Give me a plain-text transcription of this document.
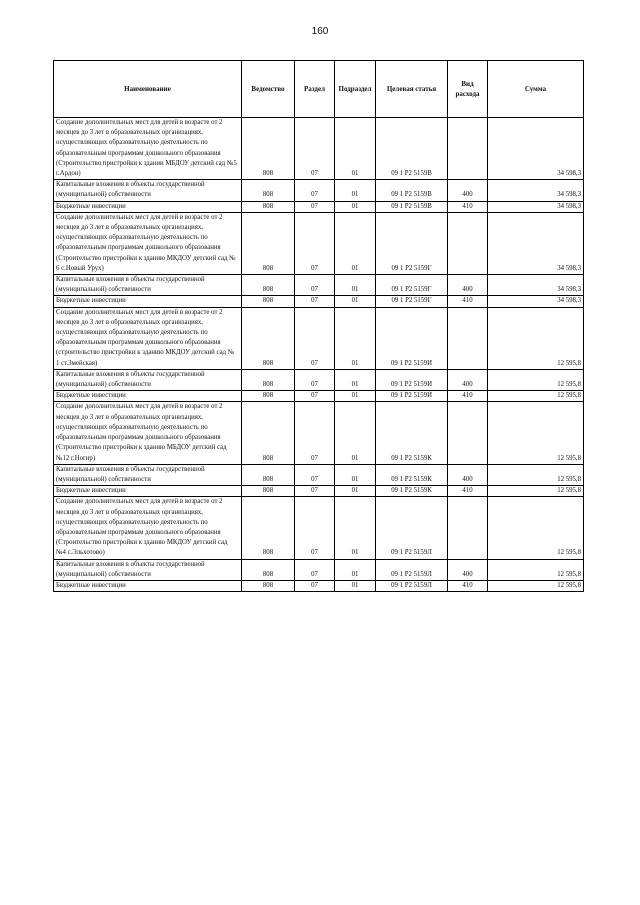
160
Наименование	Ведомство	Раздел	Подраздел	Целевая статья	Вид расхода	Сумма
Создание дополнительных мест для детей в возрасте от 2 месяцев до 3 лет в образовательных организациях, осуществляющих образовательную деятельность по образовательным программам дошкольного образования (Строительство пристройки к здании МБДОУ детский сад №5 г.Ардон)	808	07	01	09 1 Р2 5159В		34 598,3
Капитальные вложения в объекты государственной (муниципальной) собственности	808	07	01	09 1 Р2 5159В	400	34 598,3
Бюджетные инвестиции	808	07	01	09 1 Р2 5159В	410	34 598,3
Создание дополнительных мест для детей в возрасте от 2 месяцев до 3 лет в образовательных организациях, осуществляющих образовательную деятельность по образовательным программам дошкольного образования (Строительство пристройки к зданию МКДОУ детский сад № 6 с.Новый Урух)	808	07	01	09 1 Р2 5159Г		34 598,3
Капитальные вложения в объекты государственной (муниципальной) собственности	808	07	01	09 1 Р2 5159Г	400	34 598,3
Бюджетные инвестиции	808	07	01	09 1 Р2 5159Г	410	34 598,3
Создание дополнительных мест для детей в возрасте от 2 месяцев до 3 лет в образовательных организациях, осуществляющих образовательную деятельность по образовательным программам дошкольного образования (строительство пристройки к зданию МКДОУ детский сад № 1 ст.Змейская)	808	07	01	09 1 Р2 5159И		12 595,8
Капитальные вложения в объекты государственной (муниципальной) собственности	808	07	01	09 1 Р2 5159И	400	12 595,8
Бюджетные инвестиции	808	07	01	09 1 Р2 5159И	410	12 595,8
Создание дополнительных мест для детей в возрасте от 2 месяцев до 3 лет в образовательных организациях, осуществляющих образовательную деятельность по образовательным программам дошкольного образования (Строительство пристройки к зданию МБДОУ детский сад №12 г.Ногир)	808	07	01	09 1 Р2 5159К		12 595,8
Капитальные вложения в объекты государственной (муниципальной) собственности	808	07	01	09 1 Р2 5159К	400	12 595,8
Бюджетные инвестиции	808	07	01	09 1 Р2 5159К	410	12 595,8
Создание дополнительных мест для детей в возрасте от 2 месяцев до 3 лет в образовательных организациях, осуществляющих образовательную деятельность по образовательным программам дошкольного образования (Строительство пристройки к зданию МКДОУ детский сад №4 с.Эльхотово)	808	07	01	09 1 Р2 5159Л		12 595,8
Капитальные вложения в объекты государственной (муниципальной) собственности	808	07	01	09 1 Р2 5159Л	400	12 595,8
Бюджетные инвестиции	808	07	01	09 1 Р2 5159Л	410	12 595,8
